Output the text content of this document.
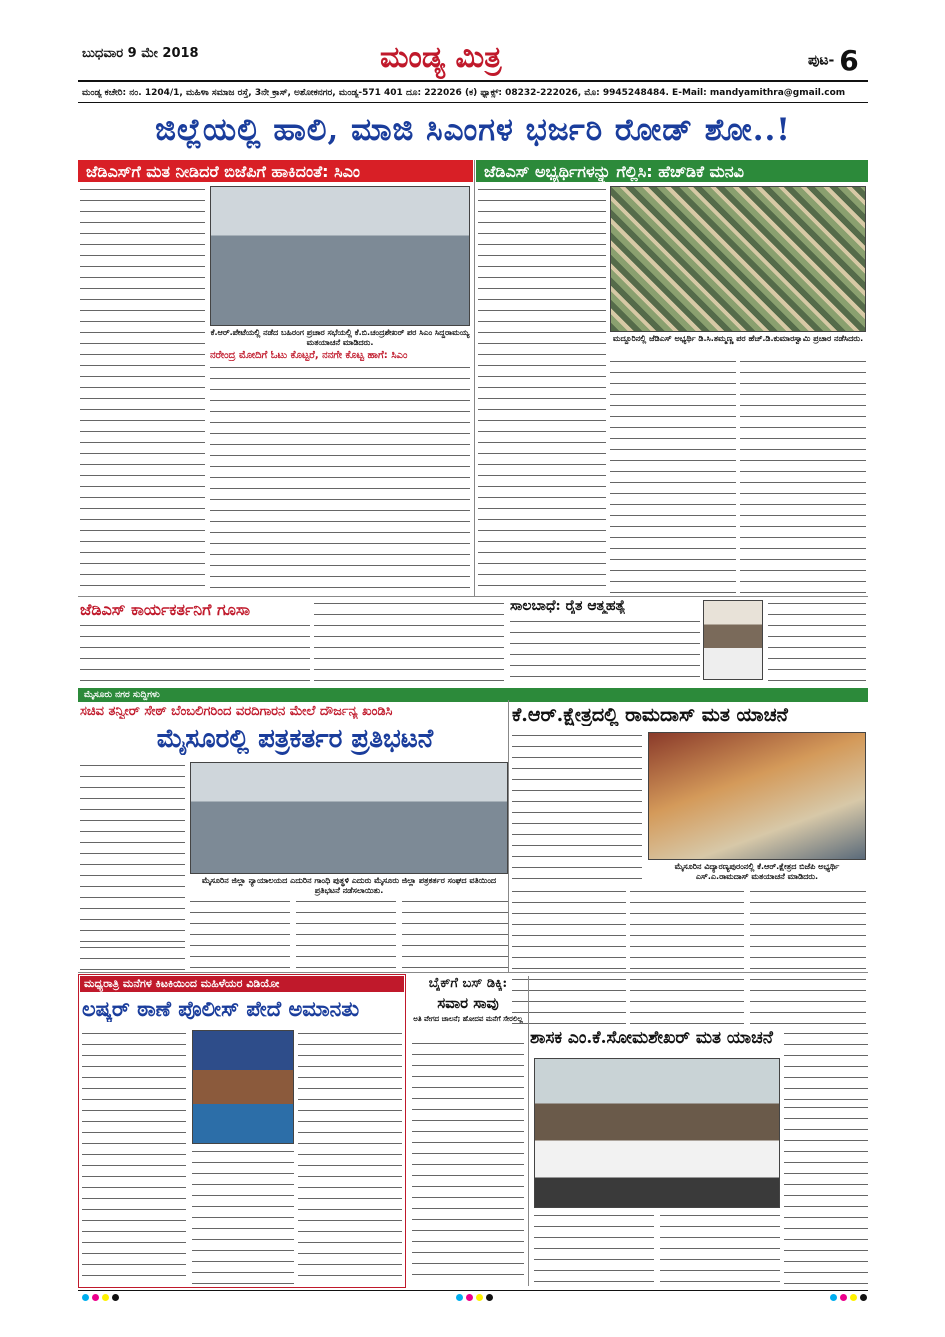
ಬುಧವಾರ 9 ಮೇ 2018	ಮಂಡ್ಯ ಮಿತ್ರ	ಪುಟ- 6
ಮಂಡ್ಯ ಕಚೇರಿ: ನಂ. 1204/1, ಮಹಿಳಾ ಸಮಾಜ ರಸ್ತೆ, 3ನೇ ಕ್ರಾಸ್, ಅಶೋಕನಗರ, ಮಂಡ್ಯ-571 401 ದೂ: 222026 (ಕ) ಫ್ಯಾಕ್ಸ್: 08232-222026, ಮೊ: 9945248484. E-Mail: mandyamithra@gmail.com
ಜಿಲ್ಲೆಯಲ್ಲಿ ಹಾಲಿ, ಮಾಜಿ ಸಿಎಂಗಳ ಭರ್ಜರಿ ರೋಡ್ ಶೋ..!
ಜೆಡಿಎಸ್‌ಗೆ ಮತ ನೀಡಿದರೆ ಬಿಜೆಪಿಗೆ ಹಾಕಿದಂತೆ: ಸಿಎಂ
ಕೆ.ಆರ್.ಪೇಟೆಯಲ್ಲಿ ನಡೆದ ಬಹಿರಂಗ ಪ್ರಚಾರ ಸಭೆಯಲ್ಲಿ ಕೆ.ಬಿ.ಚಂದ್ರಶೇಖರ್ ಪರ ಸಿಎಂ ಸಿದ್ದರಾಮಯ್ಯ ಮತಯಾಚನೆ ಮಾಡಿದರು.
ನರೇಂದ್ರ ಮೋದಿಗೆ ಓಟು ಕೊಟ್ಟರೆ, ನನಗೇ ಕೊಟ್ಟ ಹಾಗೆ: ಸಿಎಂ
ಜೆಡಿಎಸ್ ಅಭ್ಯರ್ಥಿಗಳನ್ನು ಗೆಲ್ಲಿಸಿ: ಹೆಚ್‌ಡಿಕೆ ಮನವಿ
ಮದ್ದೂರಿನಲ್ಲಿ ಜೆಡಿಎಸ್ ಅಭ್ಯರ್ಥಿ ಡಿ.ಸಿ.ತಮ್ಮಣ್ಣ ಪರ ಹೆಚ್.ಡಿ.ಕುಮಾರಸ್ವಾಮಿ ಪ್ರಚಾರ ನಡೆಸಿದರು.
ಜೆಡಿಎಸ್ ಕಾರ್ಯಕರ್ತನಿಗೆ ಗೂಸಾ	ಸಾಲಬಾಧೆ: ರೈತ ಆತ್ಮಹತ್ಯೆ
ಮೈಸೂರು ನಗರ ಸುದ್ದಿಗಳು
ಸಚಿವ ತನ್ವೀರ್ ಸೇಠ್ ಬೆಂಬಲಿಗರಿಂದ ವರದಿಗಾರನ ಮೇಲೆ ದೌರ್ಜನ್ಯ ಖಂಡಿಸಿ
ಮೈಸೂರಲ್ಲಿ ಪತ್ರಕರ್ತರ ಪ್ರತಿಭಟನೆ
ಮೈಸೂರಿನ ಜಿಲ್ಲಾ ನ್ಯಾಯಾಲಯದ ಎದುರಿನ ಗಾಂಧಿ ಪುತ್ಥಳಿ ಎದುರು ಮೈಸೂರು ಜಿಲ್ಲಾ ಪತ್ರಕರ್ತರ ಸಂಘದ ವತಿಯಿಂದ ಪ್ರತಿಭಟನೆ ನಡೆಸಲಾಯಿತು.
ಕೆ.ಆರ್.ಕ್ಷೇತ್ರದಲ್ಲಿ ರಾಮದಾಸ್ ಮತ ಯಾಚನೆ
ಮೈಸೂರಿನ ವಿದ್ಯಾರಣ್ಯಪುರಂನಲ್ಲಿ ಕೆ.ಆರ್.ಕ್ಷೇತ್ರದ ಬಿಜೆಪಿ ಅಭ್ಯರ್ಥಿ ಎಸ್.ಎ.ರಾಮದಾಸ್ ಮತಯಾಚನೆ ಮಾಡಿದರು.
ಮಧ್ಯರಾತ್ರಿ ಮನೆಗಳ ಕಿಟಕಿಯಿಂದ ಮಹಿಳೆಯರ ವಿಡಿಯೋ
ಲಷ್ಕರ್ ಠಾಣೆ ಪೊಲೀಸ್ ಪೇದೆ ಅಮಾನತು
ಬೈಕ್‌ಗೆ ಬಸ್ ಡಿಕ್ಕಿ:
ಸವಾರ ಸಾವು
ಅತಿ ವೇಗದ ಚಾಲನೆ; ಹೋದವ ಮನೆಗೆ ಸೇರಲಿಲ್ಲ
ಶಾಸಕ ಎಂ.ಕೆ.ಸೋಮಶೇಖರ್ ಮತ ಯಾಚನೆ
